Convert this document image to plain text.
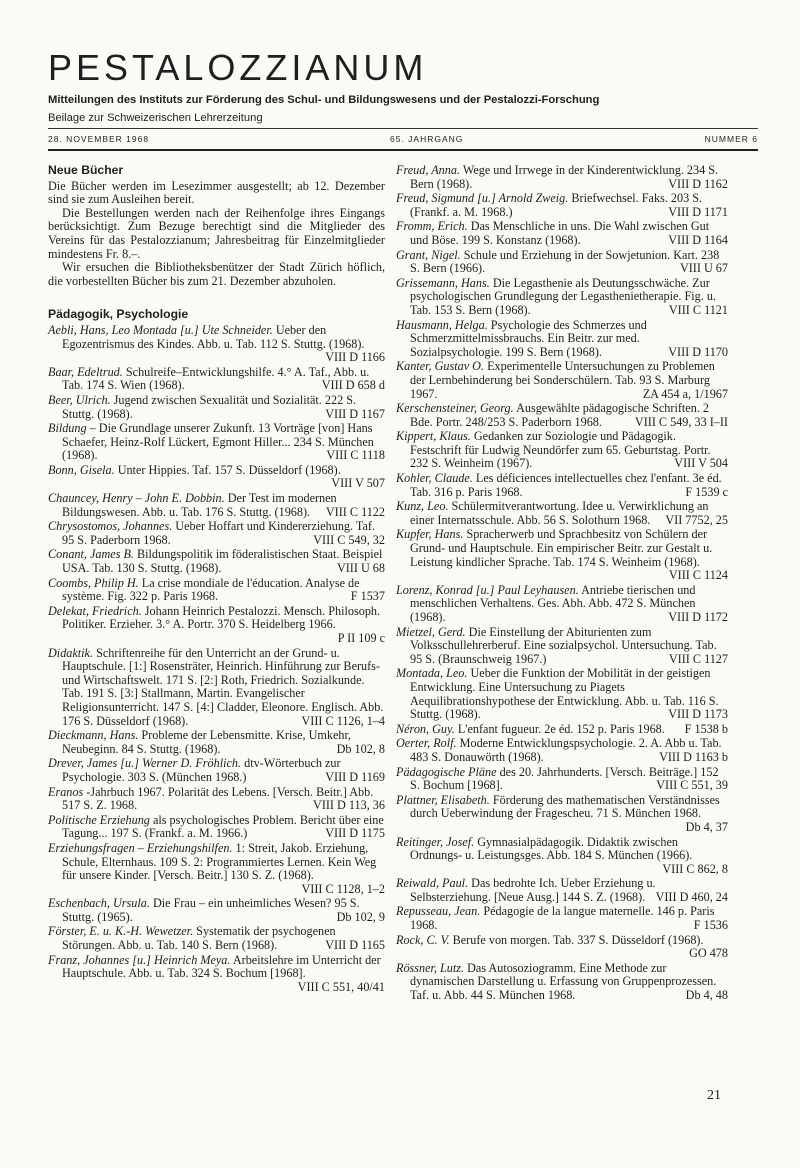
PESTALOZZIANUM
Mitteilungen des Instituts zur Förderung des Schul- und Bildungswesens und der Pestalozzi-Forschung
Beilage zur Schweizerischen Lehrerzeitung
28. NOVEMBER 1968	65. JAHRGANG	NUMMER 6
Neue Bücher

Die Bücher werden im Lesezimmer ausgestellt; ab 12. Dezember sind sie zum Ausleihen bereit.

Die Bestellungen werden nach der Reihenfolge ihres Eingangs berücksichtigt. Zum Bezuge berechtigt sind die Mitglieder des Vereins für das Pestalozzianum; Jahresbeitrag für Einzelmitglieder mindestens Fr. 8.–.

Wir ersuchen die Bibliotheksbenützer der Stadt Zürich höflich, die vorbestellten Bücher bis zum 21. Dezember abzuholen.

Pädagogik, Psychologie

Aebli, Hans, Leo Montada [u.] Ute Schneider. Ueber den Egozentrismus des Kindes. Abb. u. Tab. 112 S. Stuttg. (1968).
VIII D 1166

Baar, Edeltrud. Schulreife–Entwicklungshilfe. 4.° A. Taf., Abb. u. Tab. 174 S. Wien (1968).	VIII D 658 d

Beer, Ulrich. Jugend zwischen Sexualität und Sozialität. 222 S. Stuttg. (1968).	VIII D 1167

Bildung – Die Grundlage unserer Zukunft. 13 Vorträge [von] Hans Schaefer, Heinz-Rolf Lückert, Egmont Hiller... 234 S. München (1968).	VIII C 1118

Bonn, Gisela. Unter Hippies. Taf. 157 S. Düsseldorf (1968).
VIII V 507

Chauncey, Henry – John E. Dobbin. Der Test im modernen Bildungswesen. Abb. u. Tab. 176 S. Stuttg. (1968). VIII C 1122

Chrysostomos, Johannes. Ueber Hoffart und Kindererziehung. Taf. 95 S. Paderborn 1968.	VIII C 549, 32

Conant, James B. Bildungspolitik im föderalistischen Staat. Beispiel USA. Tab. 130 S. Stuttg. (1968).	VIII U 68

Coombs, Philip H. La crise mondiale de l'éducation. Analyse de système. Fig. 322 p. Paris 1968.	F 1537

Delekat, Friedrich. Johann Heinrich Pestalozzi. Mensch. Philosoph. Politiker. Erzieher. 3.° A. Portr. 370 S. Heidelberg 1966.
P II 109 c

Didaktik. Schriftenreihe für den Unterricht an der Grund- u. Hauptschule. [1:] Rosensträter, Heinrich. Hinführung zur Berufs- und Wirtschaftswelt. 171 S. [2:] Roth, Friedrich. Sozialkunde. Tab. 191 S. [3:] Stallmann, Martin. Evangelischer Religionsunterricht. 147 S. [4:] Cladder, Eleonore. Englisch. Abb. 176 S. Düsseldorf (1968).	VIII C 1126, 1–4

Dieckmann, Hans. Probleme der Lebensmitte. Krise, Umkehr, Neubeginn. 84 S. Stuttg. (1968).	Db 102, 8

Drever, James [u.] Werner D. Fröhlich. dtv-Wörterbuch zur Psychologie. 303 S. (München 1968.)	VIII D 1169

Eranos -Jahrbuch 1967. Polarität des Lebens. [Versch. Beitr.] Abb. 517 S. Z. 1968.	VIII D 113, 36

Politische Erziehung als psychologisches Problem. Bericht über eine Tagung... 197 S. (Frankf. a. M. 1966.)	VIII D 1175

Erziehungsfragen – Erziehungshilfen. 1: Streit, Jakob. Erziehung, Schule, Elternhaus. 109 S. 2: Programmiertes Lernen. Kein Weg für unsere Kinder. [Versch. Beitr.] 130 S. Z. (1968).
VIII C 1128, 1–2

Eschenbach, Ursula. Die Frau – ein unheimliches Wesen? 95 S. Stuttg. (1965).	Db 102, 9

Förster, E. u. K.-H. Wewetzer. Systematik der psychogenen Störungen. Abb. u. Tab. 140 S. Bern (1968).	VIII D 1165

Franz, Johannes [u.] Heinrich Meya. Arbeitslehre im Unterricht der Hauptschule. Abb. u. Tab. 324 S. Bochum [1968].
VIII C 551, 40/41

Freud, Anna. Wege und Irrwege in der Kinderentwicklung. 234 S. Bern (1968).	VIII D 1162

Freud, Sigmund [u.] Arnold Zweig. Briefwechsel. Faks. 203 S. (Frankf. a. M. 1968.)	VIII D 1171

Fromm, Erich. Das Menschliche in uns. Die Wahl zwischen Gut und Böse. 199 S. Konstanz (1968).	VIII D 1164

Grant, Nigel. Schule und Erziehung in der Sowjetunion. Kart. 238 S. Bern (1966).	VIII U 67

Grissemann, Hans. Die Legasthenie als Deutungsschwäche. Zur psychologischen Grundlegung der Legasthenietherapie. Fig. u. Tab. 153 S. Bern (1968).	VIII C 1121

Hausmann, Helga. Psychologie des Schmerzes und Schmerzmittelmissbrauchs. Ein Beitr. zur med. Sozialpsychologie. 199 S. Bern (1968).	VIII D 1170

Kanter, Gustav O. Experimentelle Untersuchungen zu Problemen der Lernbehinderung bei Sonderschülern. Tab. 93 S. Marburg 1967.	ZA 454 a, 1/1967

Kerschensteiner, Georg. Ausgewählte pädagogische Schriften. 2 Bde. Portr. 248/253 S. Paderborn 1968.	VIII C 549, 33 I–II

Kippert, Klaus. Gedanken zur Soziologie und Pädagogik. Festschrift für Ludwig Neundörfer zum 65. Geburtstag. Portr. 232 S. Weinheim (1967).	VIII V 504

Kohler, Claude. Les déficiences intellectuelles chez l'enfant. 3e éd. Tab. 316 p. Paris 1968.	F 1539 c

Kunz, Leo. Schülermitverantwortung. Idee u. Verwirklichung an einer Internatsschule. Abb. 56 S. Solothurn 1968. VII 7752, 25

Kupfer, Hans. Spracherwerb und Sprachbesitz von Schülern der Grund- und Hauptschule. Ein empirischer Beitr. zur Gestalt u. Leistung kindlicher Sprache. Tab. 174 S. Weinheim (1968).
VIII C 1124

Lorenz, Konrad [u.] Paul Leyhausen. Antriebe tierischen und menschlichen Verhaltens. Ges. Abh. Abb. 472 S. München (1968).	VIII D 1172

Mietzel, Gerd. Die Einstellung der Abiturienten zum Volksschullehrerberuf. Eine sozialpsychol. Untersuchung. Tab. 95 S. (Braunschweig 1967.)	VIII C 1127

Montada, Leo. Ueber die Funktion der Mobilität in der geistigen Entwicklung. Eine Untersuchung zu Piagets Aequilibrationshypothese der Entwicklung. Abb. u. Tab. 116 S. Stuttg. (1968).	VIII D 1173

Néron, Guy. L'enfant fugueur. 2e éd. 152 p. Paris 1968. F 1538 b

Oerter, Rolf. Moderne Entwicklungspsychologie. 2. A. Abb u. Tab. 483 S. Donauwörth (1968).	VIII D 1163 b

Pädagogische Pläne des 20. Jahrhunderts. [Versch. Beiträge.] 152 S. Bochum [1968].	VIII C 551, 39

Plattner, Elisabeth. Förderung des mathematischen Verständnisses durch Ueberwindung der Fragescheu. 71 S. München 1968.
Db 4, 37

Reitinger, Josef. Gymnasialpädagogik. Didaktik zwischen Ordnungs- u. Leistungsges. Abb. 184 S. München (1966).
VIII C 862, 8

Reiwald, Paul. Das bedrohte Ich. Ueber Erziehung u. Selbsterziehung. [Neue Ausg.] 144 S. Z. (1968). VIII D 460, 24

Repusseau, Jean. Pédagogie de la langue maternelle. 146 p. Paris 1968.	F 1536

Rock, C. V. Berufe von morgen. Tab. 337 S. Düsseldorf (1968).
GO 478

Rössner, Lutz. Das Autosoziogramm. Eine Methode zur dynamischen Darstellung u. Erfassung von Gruppenprozessen. Taf. u. Abb. 44 S. München 1968.	Db 4, 48

21
